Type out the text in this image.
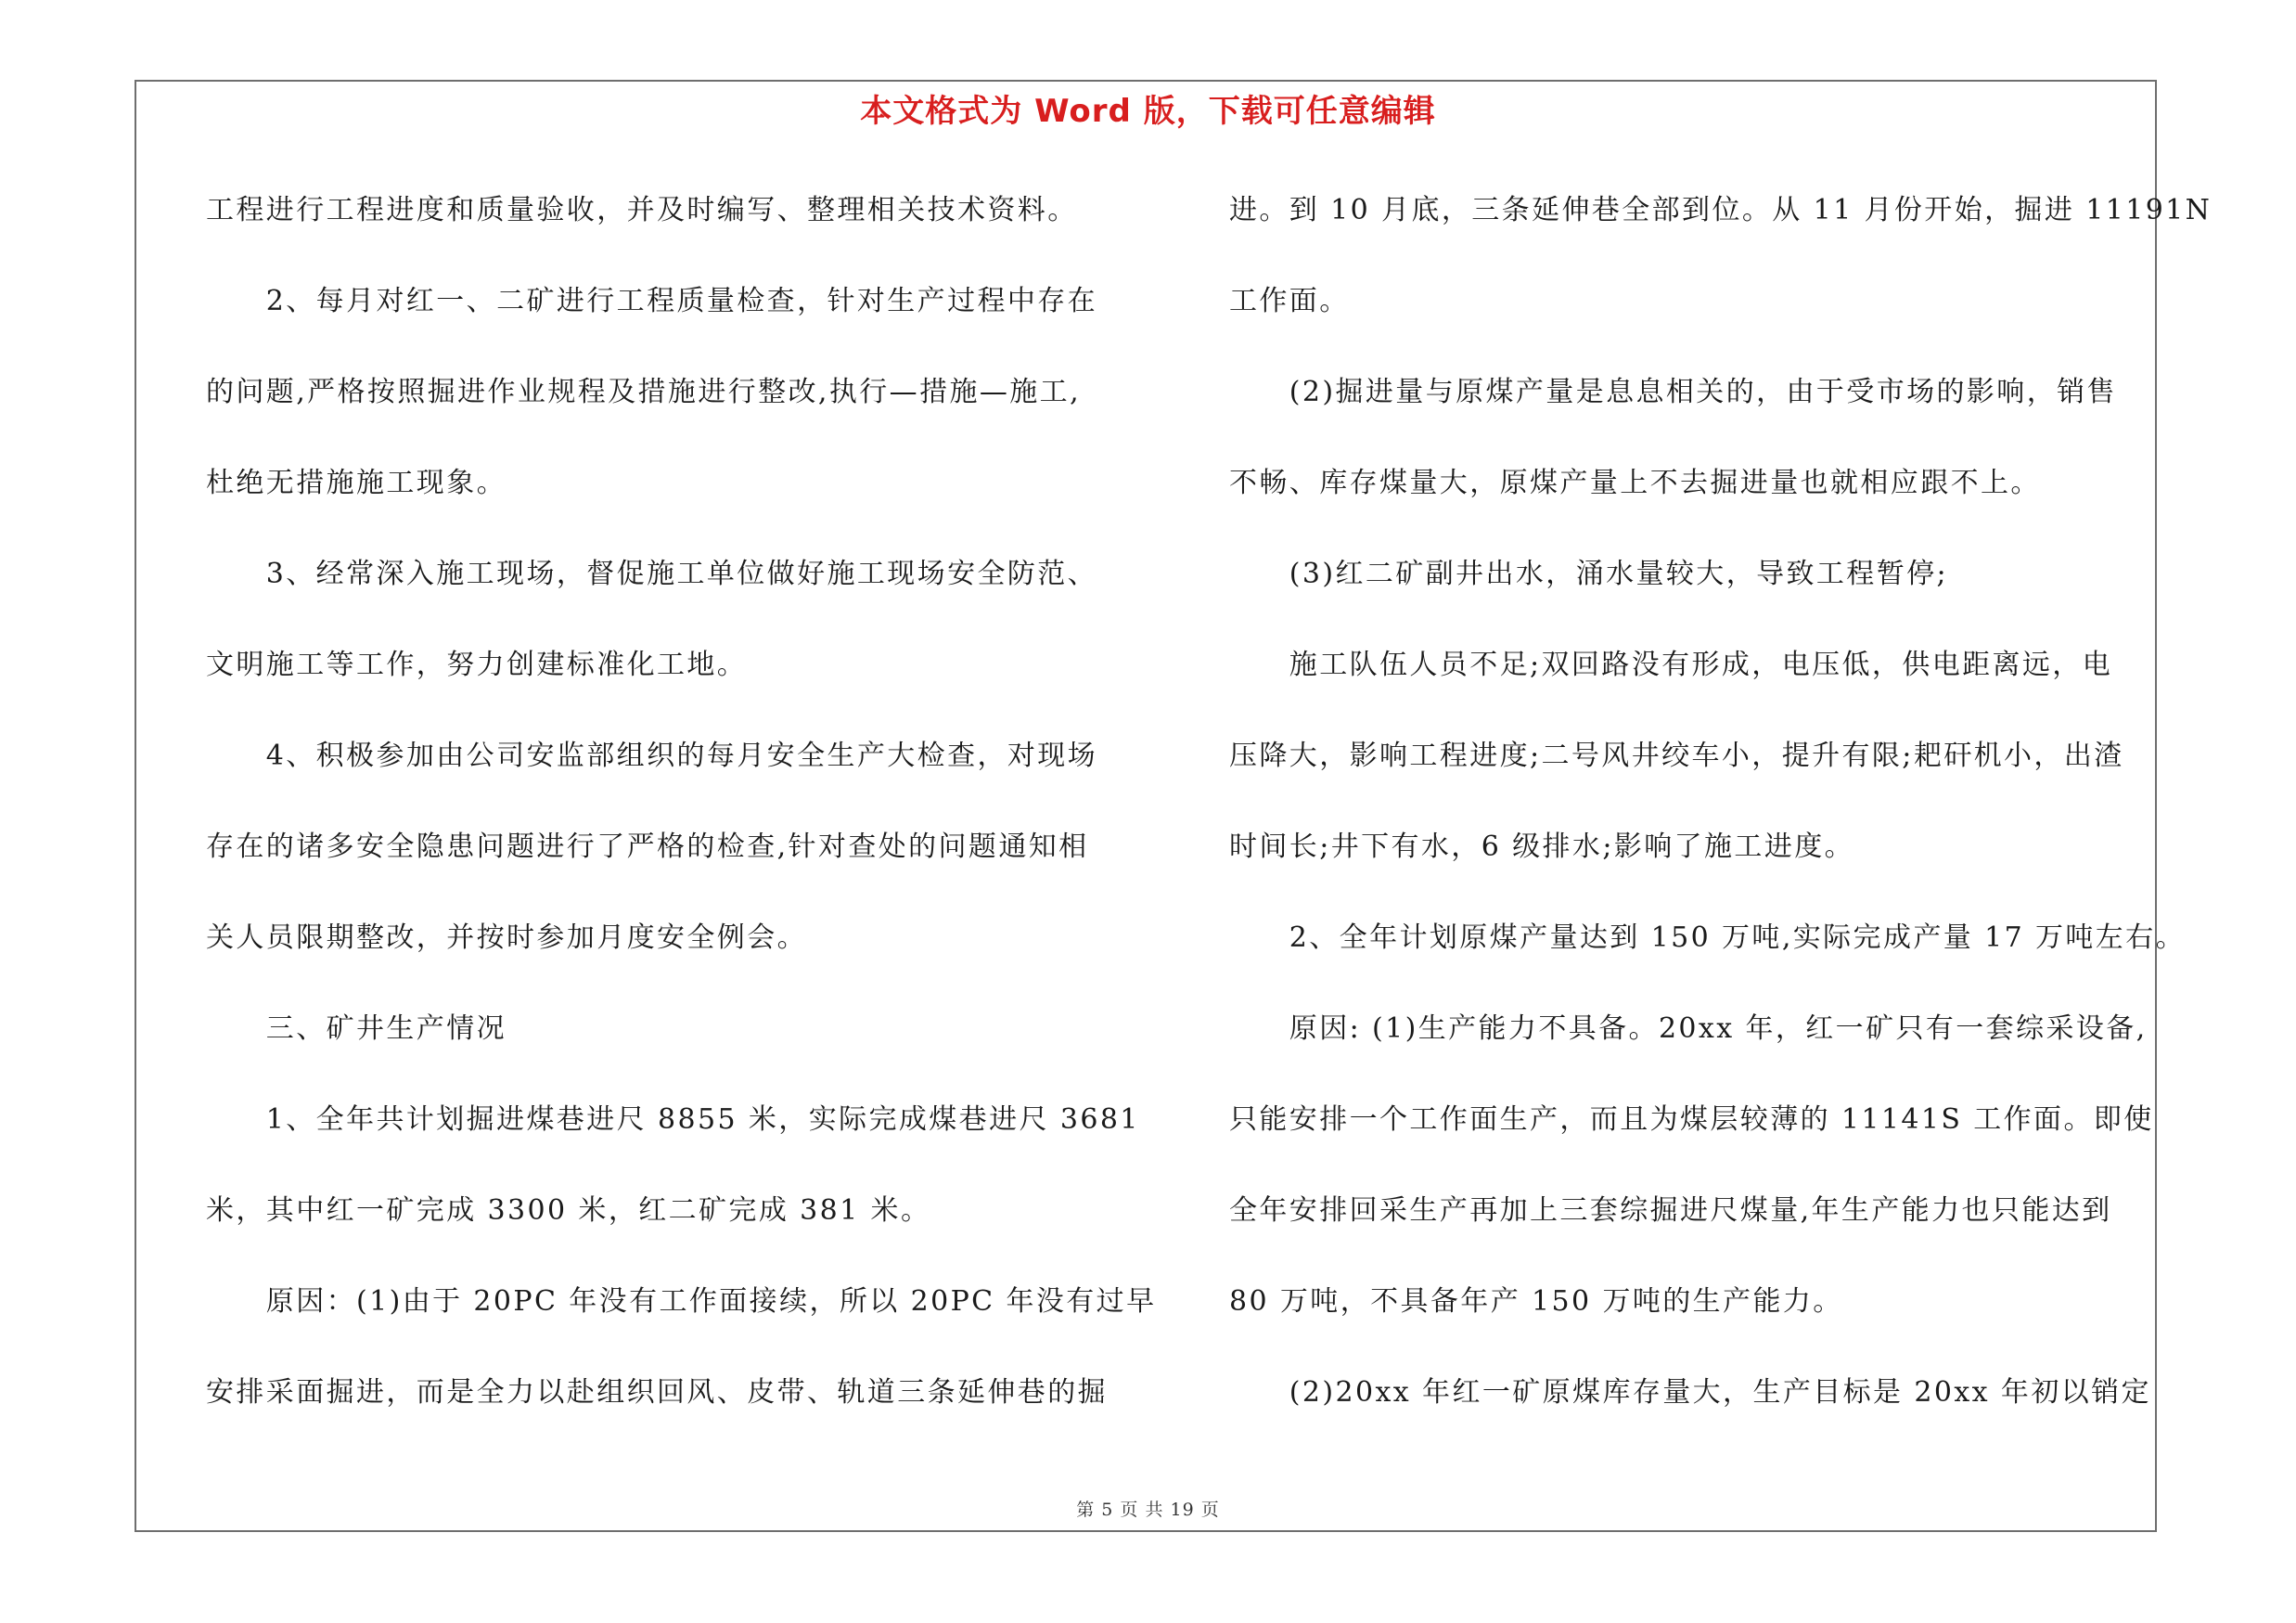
本文格式为 Word 版，下载可任意编辑
工程进行工程进度和质量验收，并及时编写、整理相关技术资料。
　　2、每月对红一、二矿进行工程质量检查，针对生产过程中存在
的问题,严格按照掘进作业规程及措施进行整改,执行—措施—施工,
杜绝无措施施工现象。
　　3、经常深入施工现场，督促施工单位做好施工现场安全防范、
文明施工等工作，努力创建标准化工地。
　　4、积极参加由公司安监部组织的每月安全生产大检查，对现场
存在的诸多安全隐患问题进行了严格的检查,针对查处的问题通知相
关人员限期整改，并按时参加月度安全例会。
　　三、矿井生产情况
　　1、全年共计划掘进煤巷进尺 8855 米，实际完成煤巷进尺 3681
米，其中红一矿完成 3300 米，红二矿完成 381 米。
　　原因：(1)由于 20PC 年没有工作面接续，所以 20PC 年没有过早
安排采面掘进，而是全力以赴组织回风、皮带、轨道三条延伸巷的掘
进。到 10 月底，三条延伸巷全部到位。从 11 月份开始，掘进 11191N
工作面。
　　(2)掘进量与原煤产量是息息相关的，由于受市场的影响，销售
不畅、库存煤量大，原煤产量上不去掘进量也就相应跟不上。
　　(3)红二矿副井出水，涌水量较大，导致工程暂停;
　　施工队伍人员不足;双回路没有形成，电压低，供电距离远，电
压降大，影响工程进度;二号风井绞车小，提升有限;耙矸机小，出渣
时间长;井下有水，6 级排水;影响了施工进度。
　　2、全年计划原煤产量达到 150 万吨,实际完成产量 17 万吨左右。
　　原因: (1)生产能力不具备。20xx 年，红一矿只有一套综采设备,
只能安排一个工作面生产，而且为煤层较薄的 11141S 工作面。即使
全年安排回采生产再加上三套综掘进尺煤量,年生产能力也只能达到
80 万吨，不具备年产 150 万吨的生产能力。
　　(2)20xx 年红一矿原煤库存量大，生产目标是 20xx 年初以销定
第 5 页 共 19 页
